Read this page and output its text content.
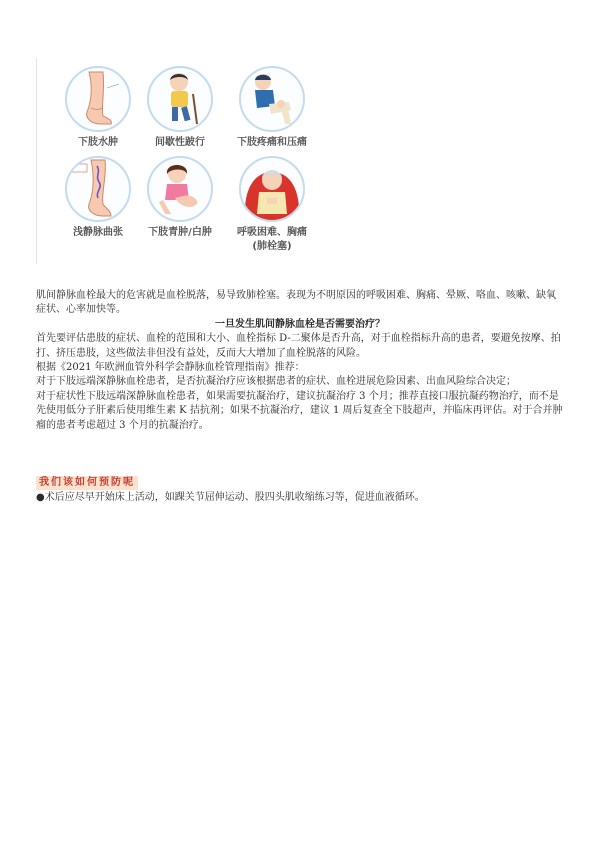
下肢水肿	间歇性跛行	下肢疼痛和压痛
浅静脉曲张	下肢青肿/白肿	呼吸困难、胸痛
(肺栓塞)

肌间静脉血栓最大的危害就是血栓脱落，易导致肺栓塞。表现为不明原因的呼吸困难、胸痛、晕厥、咯血、咳嗽、缺氧症状、心率加快等。

一旦发生肌间静脉血栓是否需要治疗？

首先要评估患肢的症状、血栓的范围和大小、血栓指标 D-二聚体是否升高，对于血栓指标升高的患者，要避免按摩、拍打、挤压患肢，这些做法非但没有益处，反而大大增加了血栓脱落的风险。

根据《2021 年欧洲血管外科学会静脉血栓管理指南》推荐：

对于下肢远端深静脉血栓患者，是否抗凝治疗应该根据患者的症状、血栓进展危险因素、出血风险综合决定；

对于症状性下肢远端深静脉血栓患者，如果需要抗凝治疗，建议抗凝治疗 3 个月；推荐直接口服抗凝药物治疗，而不是先使用低分子肝素后使用维生素 K 拮抗剂；如果不抗凝治疗，建议 1 周后复查全下肢超声，并临床再评估。对于合并肿瘤的患者考虑超过 3 个月的抗凝治疗。

我们该如何预防呢
●术后应尽早开始床上活动，如踝关节屈伸运动、股四头肌收缩练习等，促进血液循环。
